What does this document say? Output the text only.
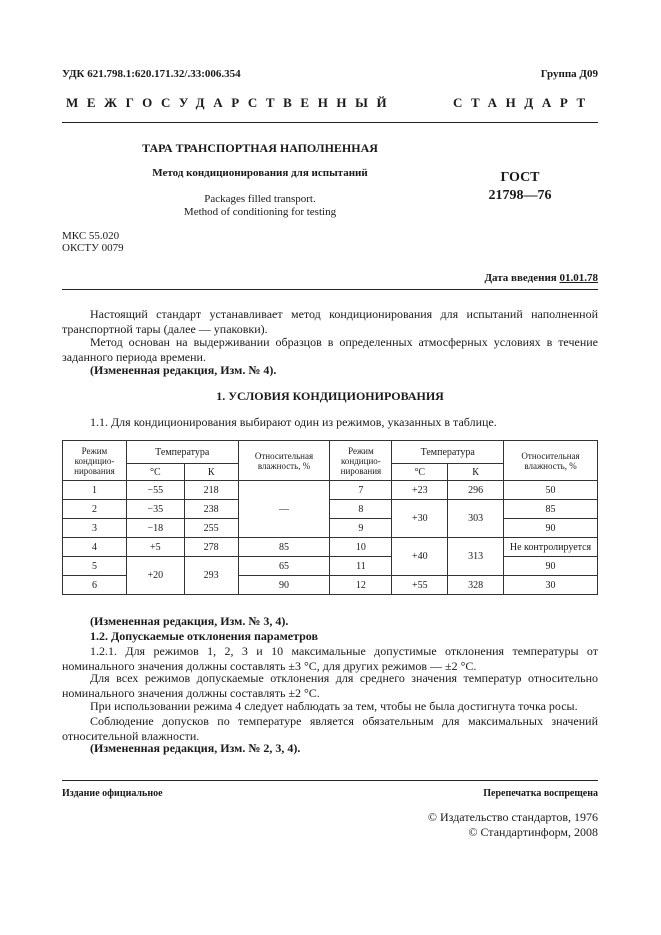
УДК 621.798.1:620.171.32/.33:006.354	Группа Д09
МЕЖГОСУДАРСТВЕННЫЙ	СТАНДАРТ
ТАРА ТРАНСПОРТНАЯ НАПОЛНЕННАЯ
Метод кондиционирования для испытаний
Packages filled transport.
Method of conditioning for testing
ГОСТ
21798—76
МКС 55.020
ОКСТУ 0079
Дата введения 01.01.78
Настоящий стандарт устанавливает метод кондиционирования для испытаний наполненной транспортной тары (далее — упаковки).
Метод основан на выдерживании образцов в определенных атмосферных условиях в течение заданного периода времени.
(Измененная редакция, Изм. № 4).
1. УСЛОВИЯ КОНДИЦИОНИРОВАНИЯ
1.1. Для кондиционирования выбирают один из режимов, указанных в таблице.
Режим кондиционирования	Температура		Относительная влажность, %	Режим кондиционирования	Температура		Относительная влажность, %
	°С	К			°С	К	
1	−55	218	—	7	+23	296	50
2	−35	238		8	+30	303	85
3	−18	255		9			90
4	+5	278	85	10	+40	313	Не контролируется
5	+20	293	65	11			90
6			90	12	+55	328	30
(Измененная редакция, Изм. № 3, 4).
1.2. Допускаемые отклонения параметров
1.2.1. Для режимов 1, 2, 3 и 10 максимальные допустимые отклонения температуры от номинального значения должны составлять ±3 °С, для других режимов — ±2 °С.
Для всех режимов допускаемые отклонения для среднего значения температур относительно номинального значения должны составлять ±2 °С.
При использовании режима 4 следует наблюдать за тем, чтобы не была достигнута точка росы.
Соблюдение допусков по температуре является обязательным для максимальных значений относительной влажности.
(Измененная редакция, Изм. № 2, 3, 4).
Издание официальное	Перепечатка воспрещена
© Издательство стандартов, 1976
© Стандартинформ, 2008
